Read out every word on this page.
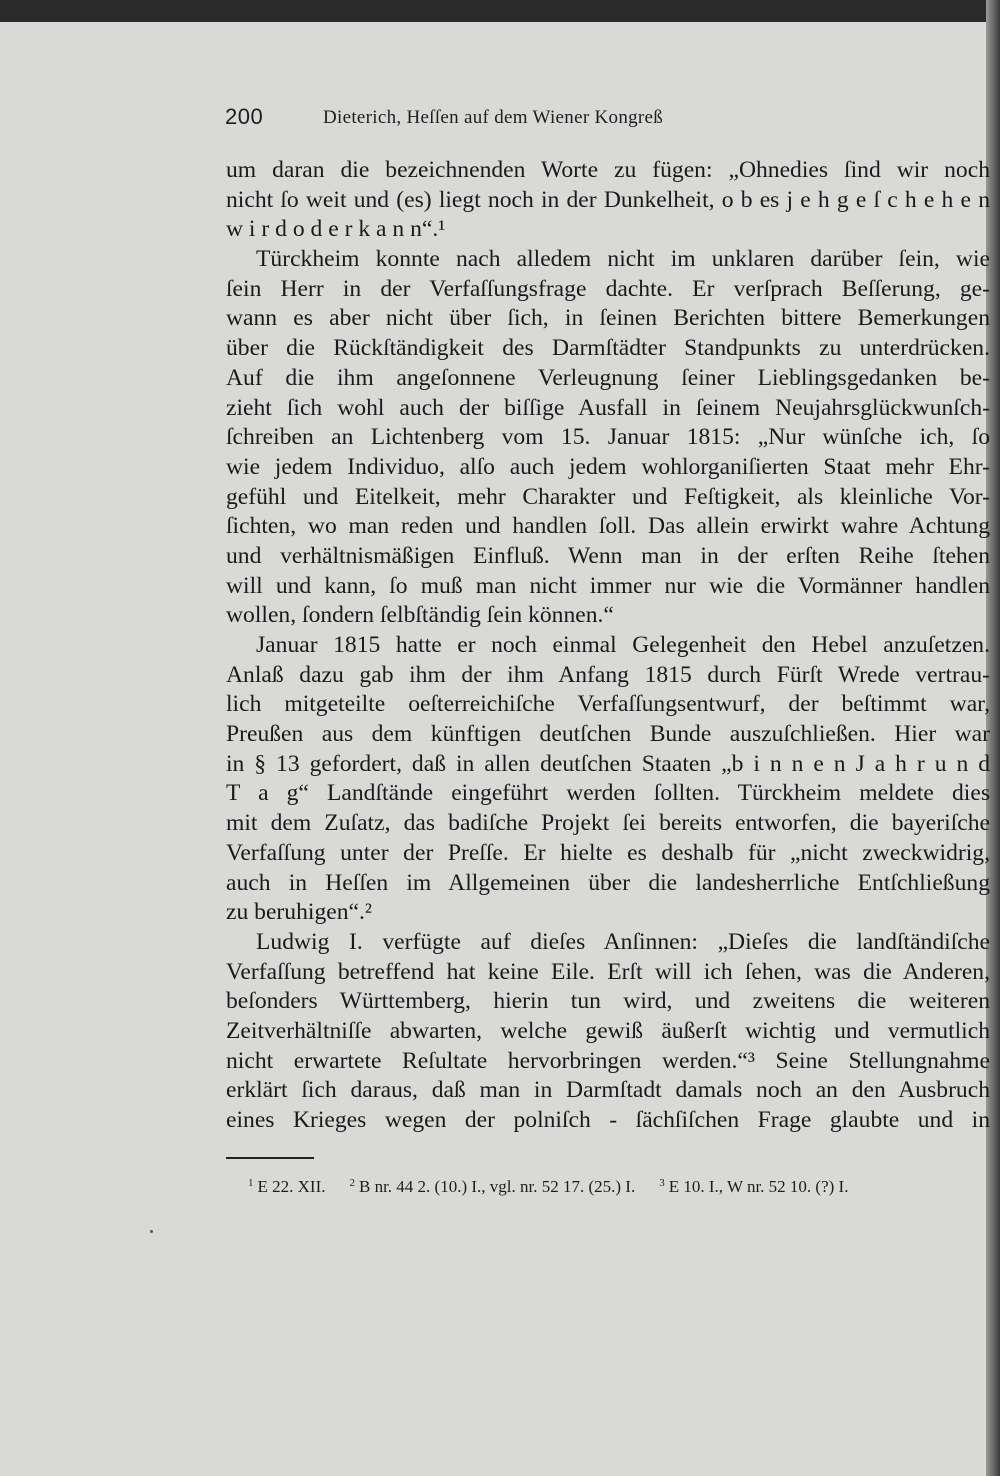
200	Dieterich, Heſſen auf dem Wiener Kongreß
um daran die bezeichnenden Worte zu fügen: „Ohnedies ſind wir noch
nicht ſo weit und (es) liegt noch in der Dunkelheit, o b es j e h g e ſ c h e h e n
w i r d o d e r k a n n“.¹
Türckheim konnte nach alledem nicht im unklaren darüber ſein, wie
ſein Herr in der Verfaſſungsfrage dachte. Er verſprach Beſſerung, ge-
wann es aber nicht über ſich, in ſeinen Berichten bittere Bemerkungen
über die Rückſtändigkeit des Darmſtädter Standpunkts zu unterdrücken.
Auf die ihm angeſonnene Verleugnung ſeiner Lieblingsgedanken be-
zieht ſich wohl auch der biſſige Ausfall in ſeinem Neujahrsglückwunſch-
ſchreiben an Lichtenberg vom 15. Januar 1815: „Nur wünſche ich, ſo
wie jedem Individuo, alſo auch jedem wohlorganiſierten Staat mehr Ehr-
gefühl und Eitelkeit, mehr Charakter und Feſtigkeit, als kleinliche Vor-
ſichten, wo man reden und handlen ſoll. Das allein erwirkt wahre Achtung
und verhältnismäßigen Einfluß. Wenn man in der erſten Reihe ſtehen
will und kann, ſo muß man nicht immer nur wie die Vormänner handlen
wollen, ſondern ſelbſtändig ſein können.“
Januar 1815 hatte er noch einmal Gelegenheit den Hebel anzuſetzen.
Anlaß dazu gab ihm der ihm Anfang 1815 durch Fürſt Wrede vertrau-
lich mitgeteilte oeſterreichiſche Verfaſſungsentwurf, der beſtimmt war,
Preußen aus dem künftigen deutſchen Bunde auszuſchließen. Hier war
in § 13 gefordert, daß in allen deutſchen Staaten „b i n n e n J a h r u n d
T a g“ Landſtände eingeführt werden ſollten. Türckheim meldete dies
mit dem Zuſatz, das badiſche Projekt ſei bereits entworfen, die bayeriſche
Verfaſſung unter der Preſſe. Er hielte es deshalb für „nicht zweckwidrig,
auch in Heſſen im Allgemeinen über die landesherrliche Entſchließung
zu beruhigen“.²
Ludwig I. verfügte auf dieſes Anſinnen: „Dieſes die landſtändiſche
Verfaſſung betreffend hat keine Eile. Erſt will ich ſehen, was die Anderen,
beſonders Württemberg, hierin tun wird, und zweitens die weiteren
Zeitverhältniſſe abwarten, welche gewiß äußerſt wichtig und vermutlich
nicht erwartete Reſultate hervorbringen werden.“³ Seine Stellungnahme
erklärt ſich daraus, daß man in Darmſtadt damals noch an den Ausbruch
eines Krieges wegen der polniſch - ſächſiſchen Frage glaubte und in
$^1$ E 22. XII. $^2$ B nr. 44 2. (10.) I., vgl. nr. 52 17. (25.) I. $^3$ E 10. I., W nr. 52 10. (?) I.
